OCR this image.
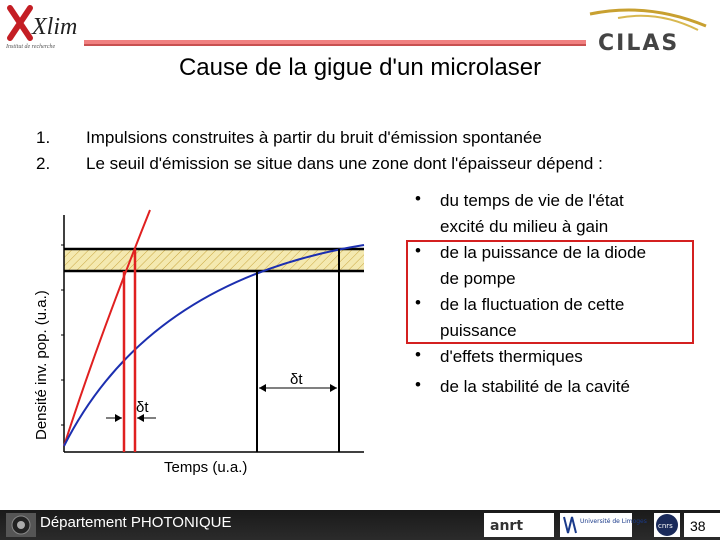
Xlim
Institut de recherche	CILAS
Cause de la gigue d'un microlaser
1. Impulsions construites à partir du bruit d'émission spontanée
2. Le seuil d'émission se situe dans une zone dont l'épaisseur dépend :
δt
δt
Temps (u.a.)
Densité inv. pop. (u.a.)
• du temps de vie de l'état
excité du milieu à gain
• de la puissance de la diode
de pompe
• de la fluctuation de cette
puissance
• d'effets thermiques
• de la stabilité de la cavité
Département PHOTONIQUE	anrt	Université de Limoges
cnrs 38
